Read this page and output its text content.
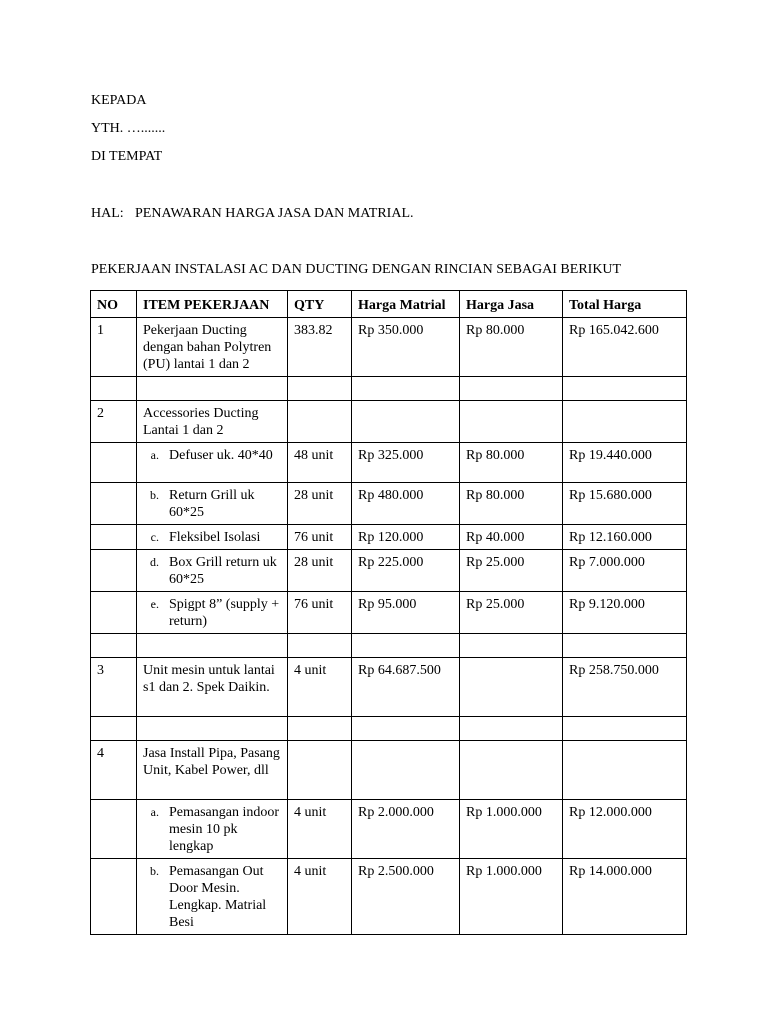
KEPADA

YTH. ….......

DI TEMPAT

HAL: PENAWARAN HARGA JASA DAN MATRIAL.

PEKERJAAN INSTALASI AC DAN DUCTING DENGAN RINCIAN SEBAGAI BERIKUT

NO	ITEM PEKERJAAN	QTY	Harga Matrial	Harga Jasa	Total Harga
1	Pekerjaan Ducting dengan bahan Polytren (PU) lantai 1 dan 2	383.82	Rp 350.000	Rp 80.000	Rp 165.042.600

2	Accessories Ducting Lantai 1 dan 2				

	a. Defuser uk. 40*40	48 unit	Rp 325.000	Rp 80.000	Rp 19.440.000

	b. Return Grill uk 60*25	28 unit	Rp 480.000	Rp 80.000	Rp 15.680.000

	c. Fleksibel Isolasi	76 unit	Rp 120.000	Rp 40.000	Rp 12.160.000

	d. Box Grill return uk 60*25	28 unit	Rp 225.000	Rp 25.000	Rp 7.000.000

	e. Spigpt 8” (supply + return)	76 unit	Rp 95.000	Rp 25.000	Rp 9.120.000

3	Unit mesin untuk lantai s1 dan 2. Spek Daikin.	4 unit	Rp 64.687.500		Rp 258.750.000

4	Jasa Install Pipa, Pasang Unit, Kabel Power, dll				

	a. Pemasangan indoor mesin 10 pk lengkap	4 unit	Rp 2.000.000	Rp 1.000.000	Rp 12.000.000

	b. Pemasangan Out Door Mesin. Lengkap. Matrial Besi	4 unit	Rp 2.500.000	Rp 1.000.000	Rp 14.000.000
